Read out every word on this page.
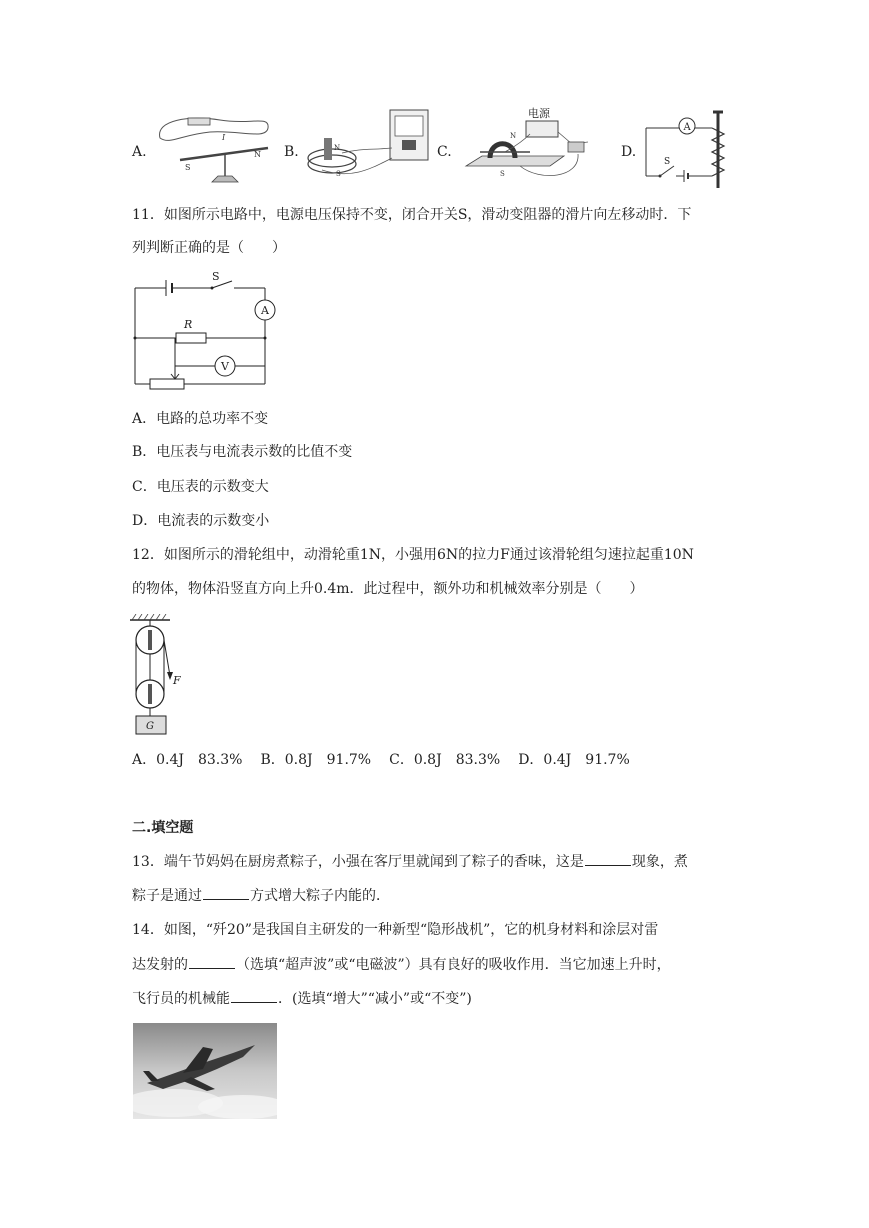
A.
S
N
I
B.	N
S
C.
电源
N
S
D.
A
S
11．如图所示电路中，电源电压保持不变，闭合开关S，滑动变阻器的滑片向左移动时．下
列判断正确的是（　　）
S
A
R
V
A．电路的总功率不变
B．电压表与电流表示数的比值不变
C．电压表的示数变大
D．电流表的示数变小
12．如图所示的滑轮组中，动滑轮重1N，小强用6N的拉力F通过该滑轮组匀速拉起重10N
的物体，物体沿竖直方向上升0.4m．此过程中，额外功和机械效率分别是（　　）
F
G
A．0.4J　83.3% B．0.8J　91.7% C．0.8J　83.3% D．0.4J　91.7%
二.填空题
13．端午节妈妈在厨房煮粽子，小强在客厅里就闻到了粽子的香味，这是	现象，煮
粽子是通过	方式增大粽子内能的．
14．如图，“歼20”是我国自主研发的一种新型“隐形战机”，它的机身材料和涂层对雷
达发射的	（选填“超声波”或“电磁波”）具有良好的吸收作用．当它加速上升时，
飞行员的机械能	．(选填“增大”“减小”或“不变”)
